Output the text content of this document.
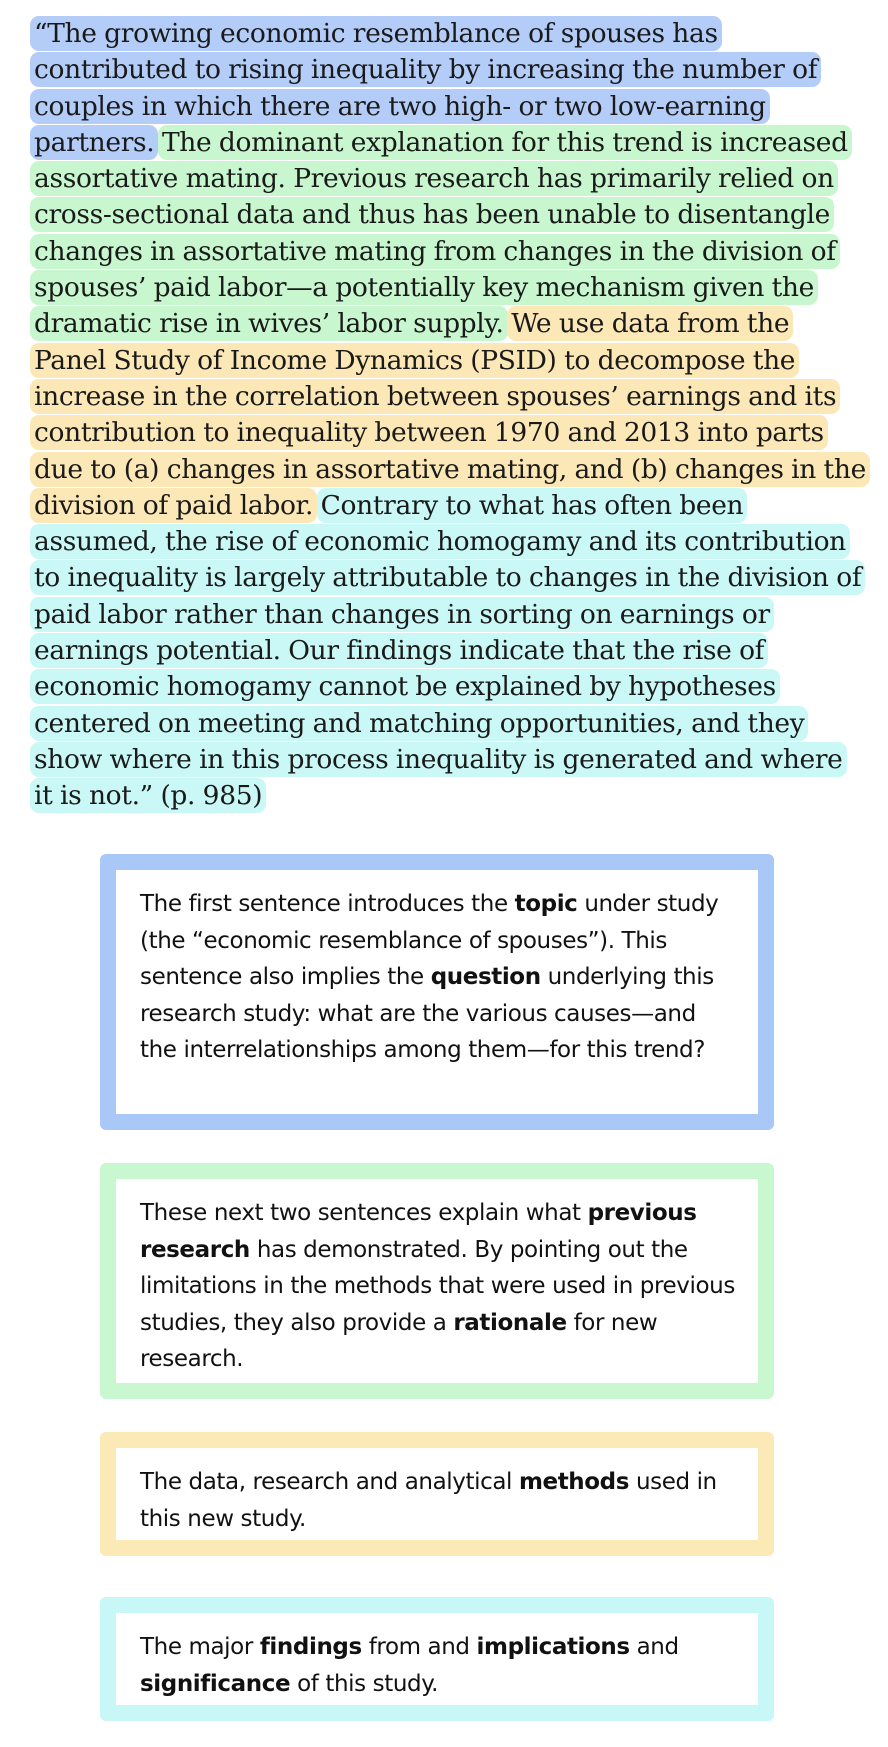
“The growing economic resemblance of spouses has contributed to rising inequality by increasing the number of couples in which there are two high- or two low-earning partners. The dominant explanation for this trend is increased assortative mating. Previous research has primarily relied on cross-sectional data and thus has been unable to disentangle changes in assortative mating from changes in the division of spouses’ paid labor—a potentially key mechanism given the dramatic rise in wives’ labor supply. We use data from the Panel Study of Income Dynamics (PSID) to decompose the increase in the correlation between spouses’ earnings and its contribution to inequality between 1970 and 2013 into parts due to (a) changes in assortative mating, and (b) changes in the division of paid labor. Contrary to what has often been assumed, the rise of economic homogamy and its contribution to inequality is largely attributable to changes in the division of paid labor rather than changes in sorting on earnings or earnings potential. Our findings indicate that the rise of economic homogamy cannot be explained by hypotheses centered on meeting and matching opportunities, and they show where in this process inequality is generated and where it is not.” (p. 985)
The first sentence introduces the topic under study (the “economic resemblance of spouses”). This sentence also implies the question underlying this research study: what are the various causes—and the interrelationships among them—for this trend?
These next two sentences explain what previous research has demonstrated. By pointing out the limitations in the methods that were used in previous studies, they also provide a rationale for new research.
The data, research and analytical methods used in this new study.
The major findings from and implications and significance of this study.
